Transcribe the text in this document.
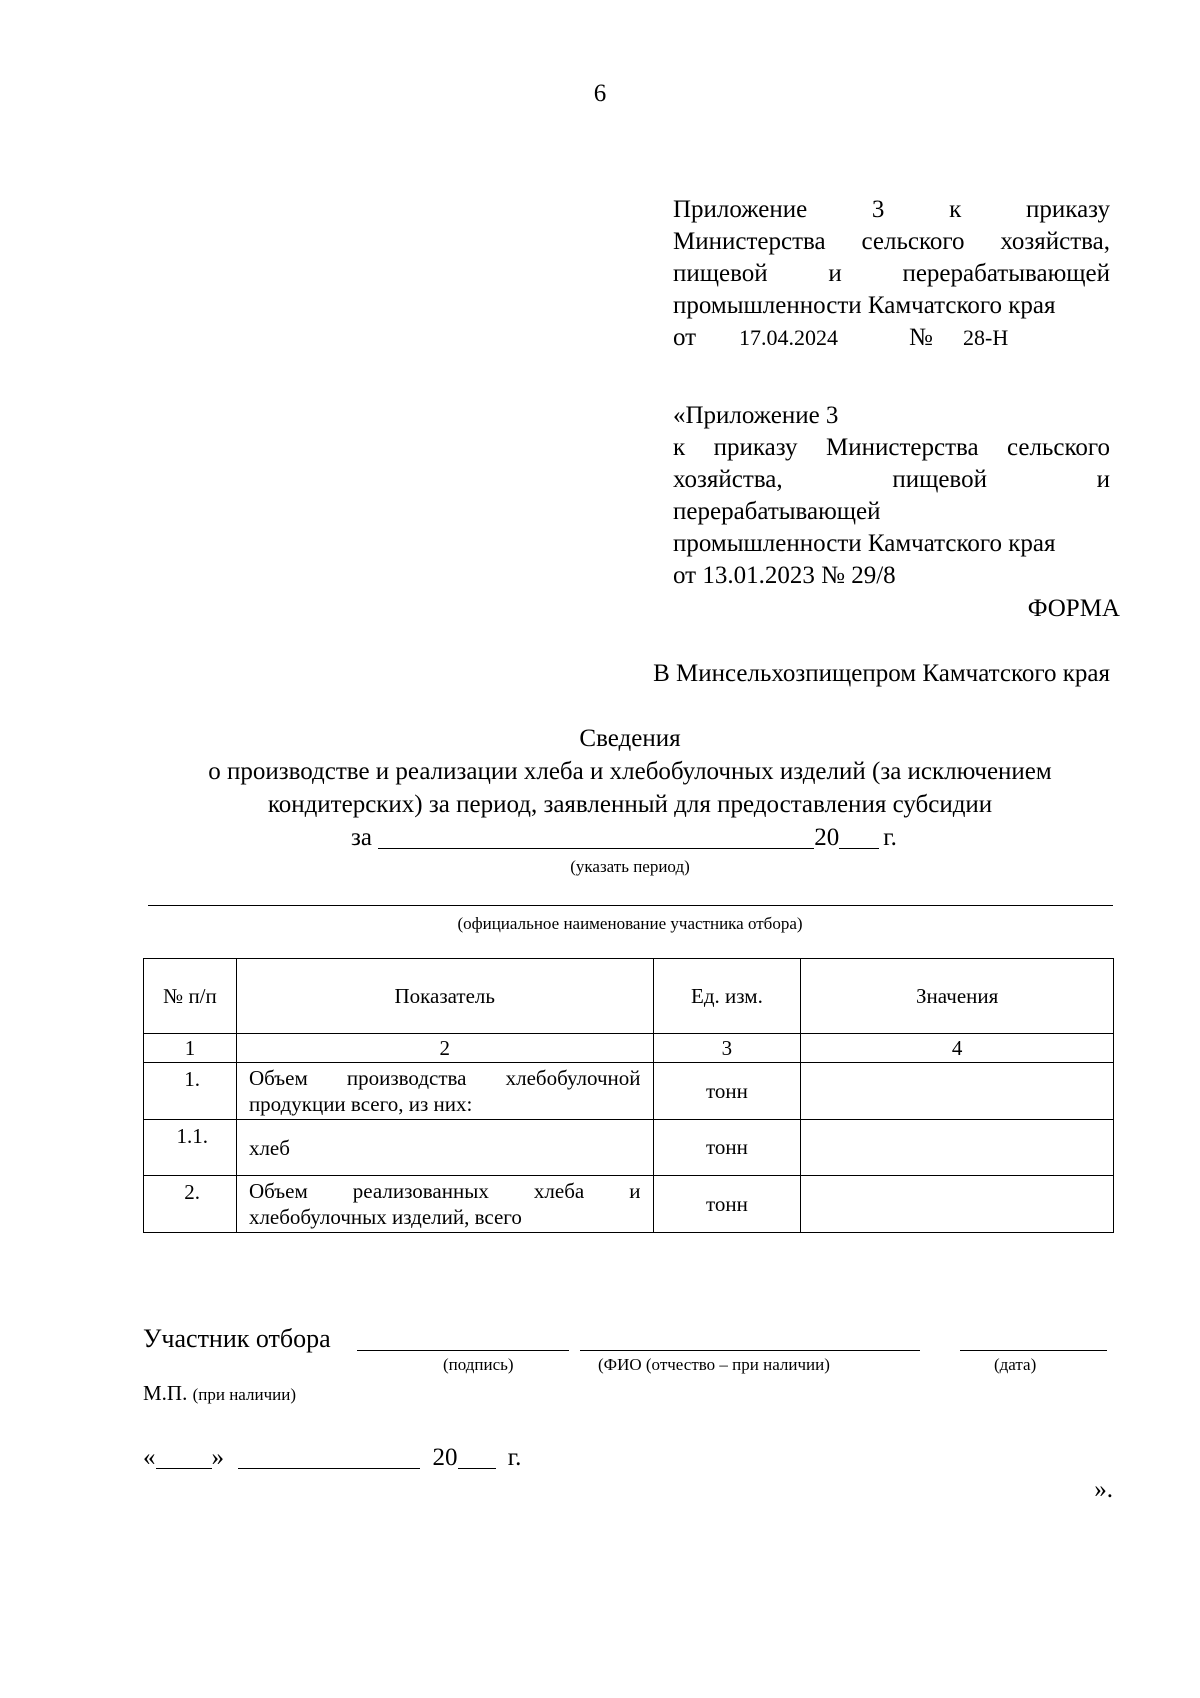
6
Приложение	3	к	приказу
Министерства сельского хозяйства,
пищевой и перерабатывающей
промышленности Камчатского края
от 17.04.2024	№ 28-Н
«Приложение 3
к приказу Министерства сельского
хозяйства,	пищевой	и
перерабатывающей
промышленности Камчатского края
от 13.01.2023 № 29/8
ФОРМА
В Минсельхозпищепром Камчатского края
Сведения
о производстве и реализации хлеба и хлебобулочных изделий (за исключением
кондитерских) за период, заявленный для предоставления субсидии
за	20 г.
(указать период)
(официальное наименование участника отбора)
№ п/п	Показатель	Ед. изм.	Значения
1	2	3	4
1.	Объем производства хлебобулочной
продукции всего, из них:	тонн	
1.1.	хлеб	тонн	
2.	Объем реализованных хлеба и
хлебобулочных изделий, всего	тонн	
Участник отбора
(подпись)	(ФИО (отчество – при наличии)	(дата)
М.П. (при наличии)
« »	20 г.
».
